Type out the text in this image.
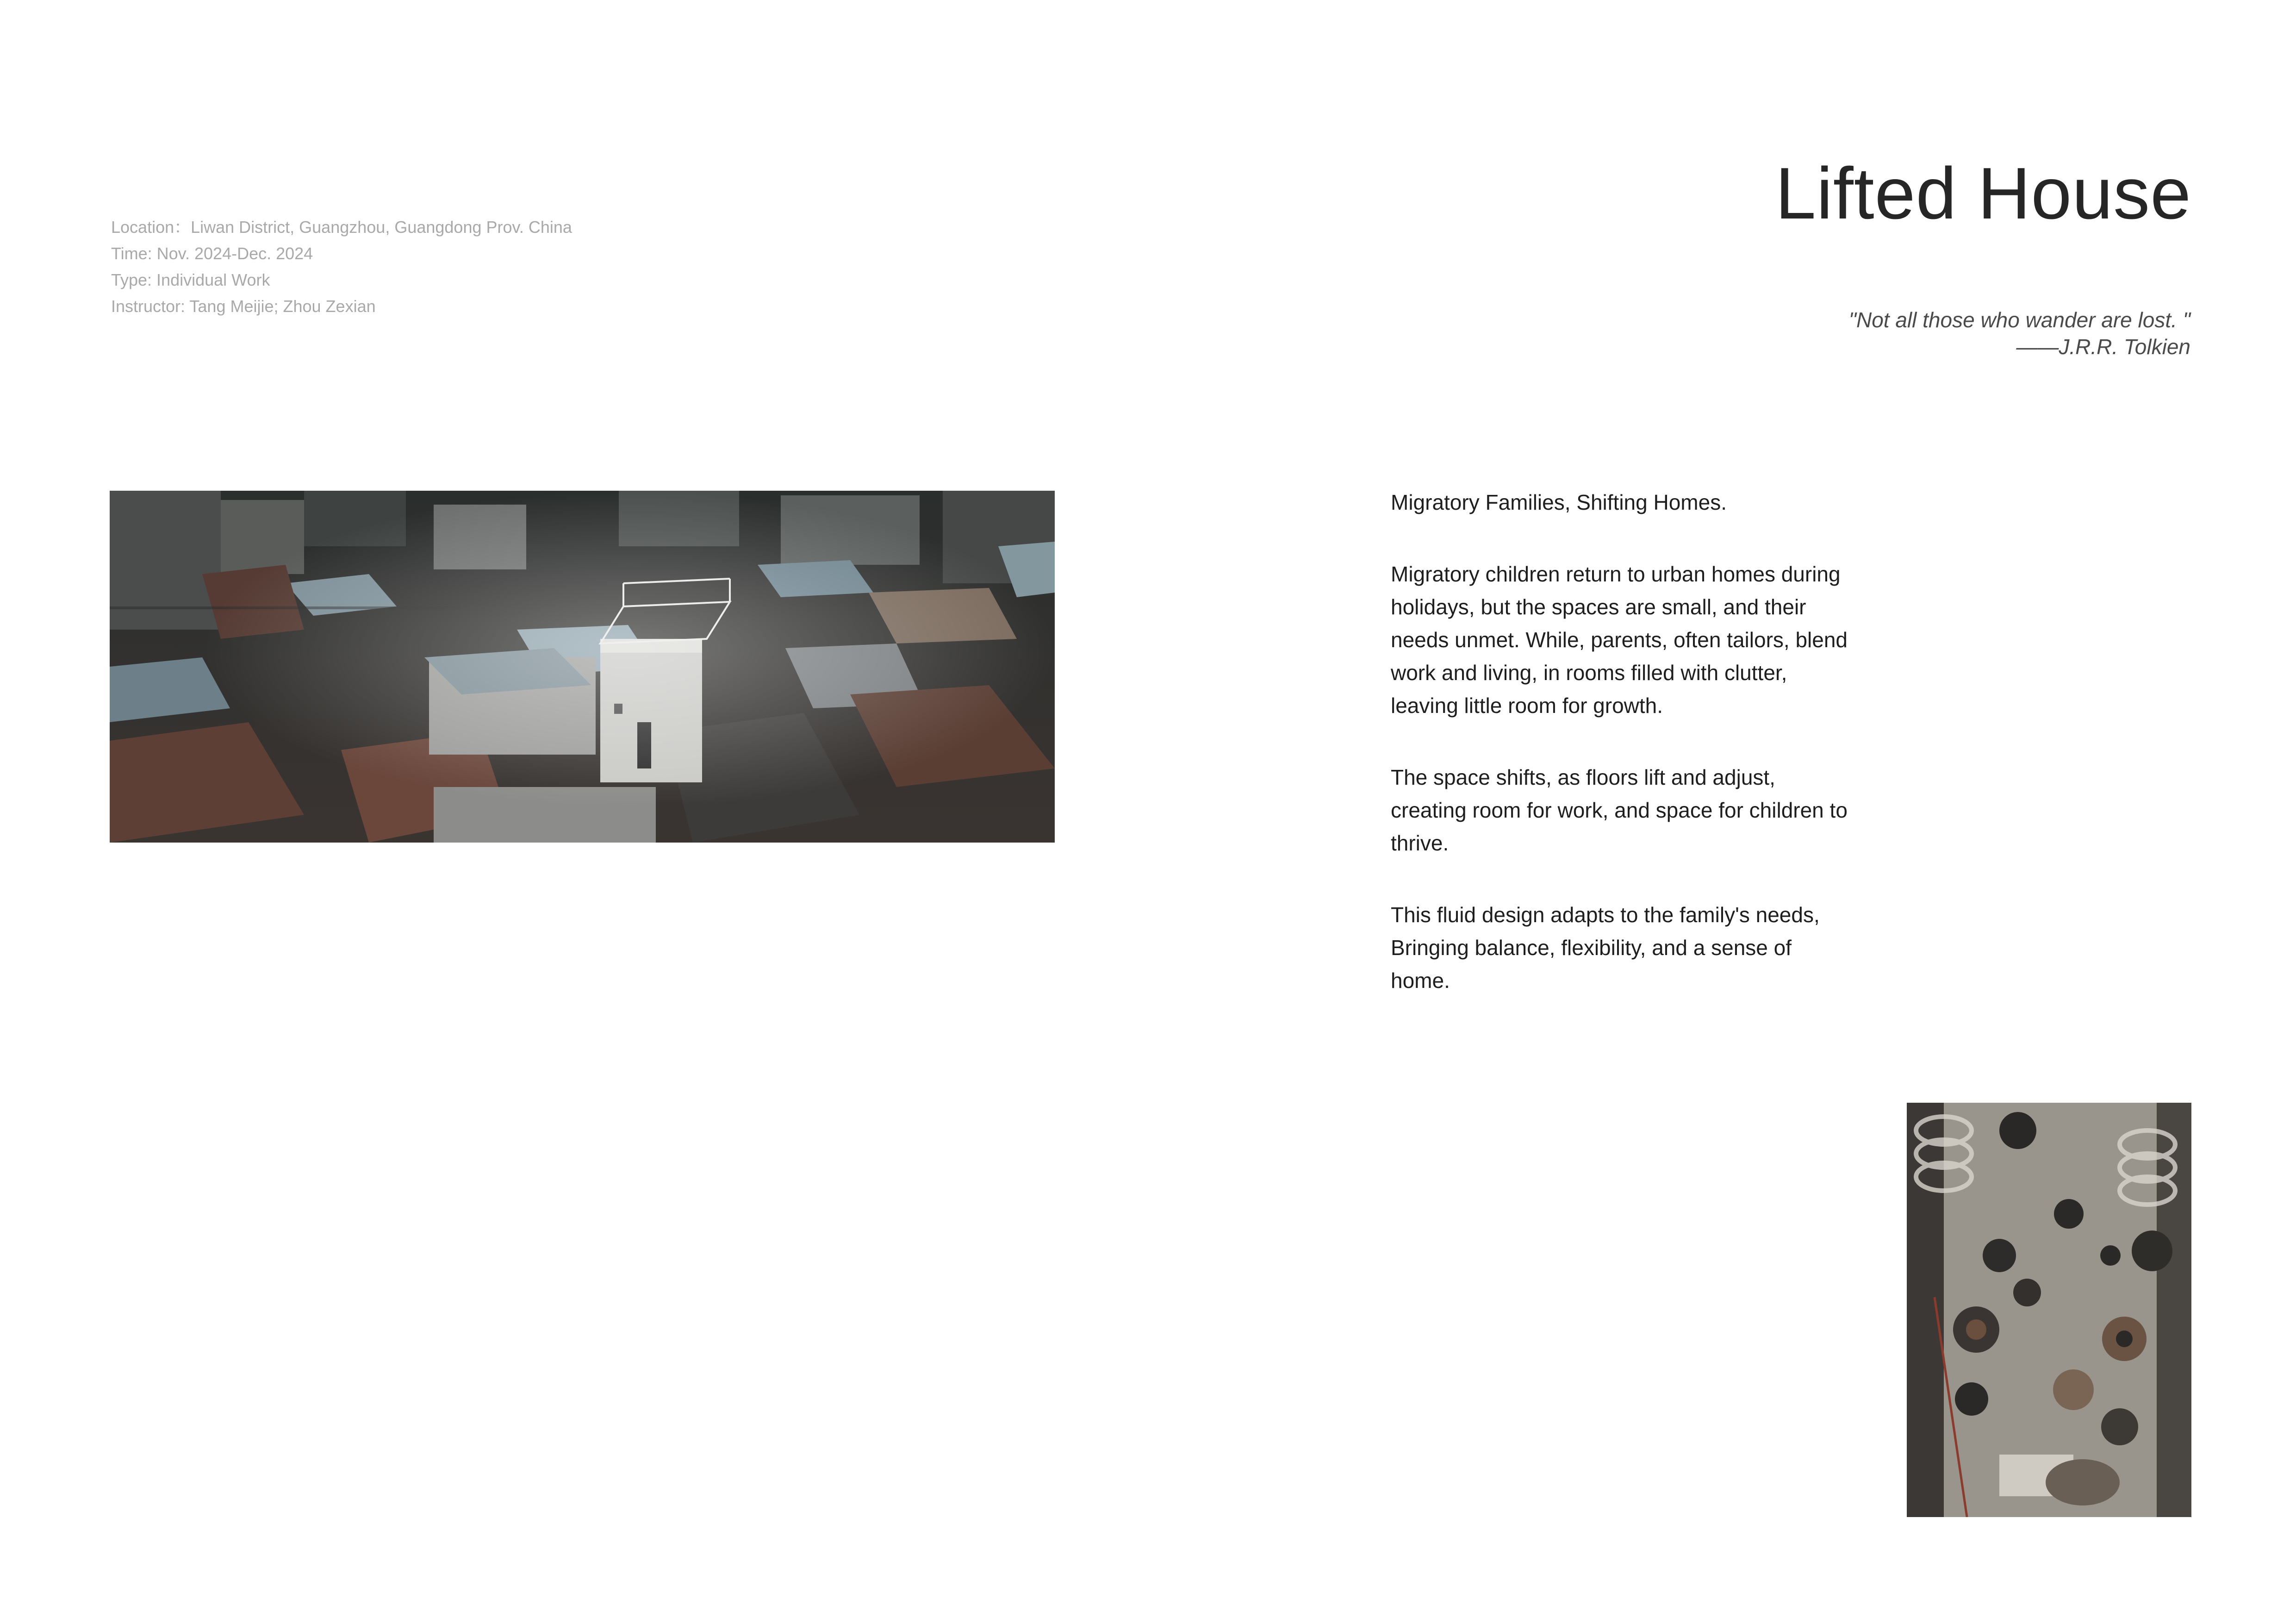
Location：Liwan District, Guangzhou, Guangdong Prov. China
Time: Nov. 2024-Dec. 2024
Type: Individual Work
Instructor: Tang Meijie; Zhou Zexian
Lifted House
"Not all those who wander are lost. "
——J.R.R. Tolkien

Migratory Families, Shifting Homes.

Migratory children return to urban homes during holidays, but the spaces are small, and their needs unmet. While, parents, often tailors, blend work and living, in rooms filled with clutter, leaving little room for growth.

The space shifts, as floors lift and adjust, creating room for work, and space for children to thrive.

This fluid design adapts to the family's needs, Bringing balance, flexibility, and a sense of home.
